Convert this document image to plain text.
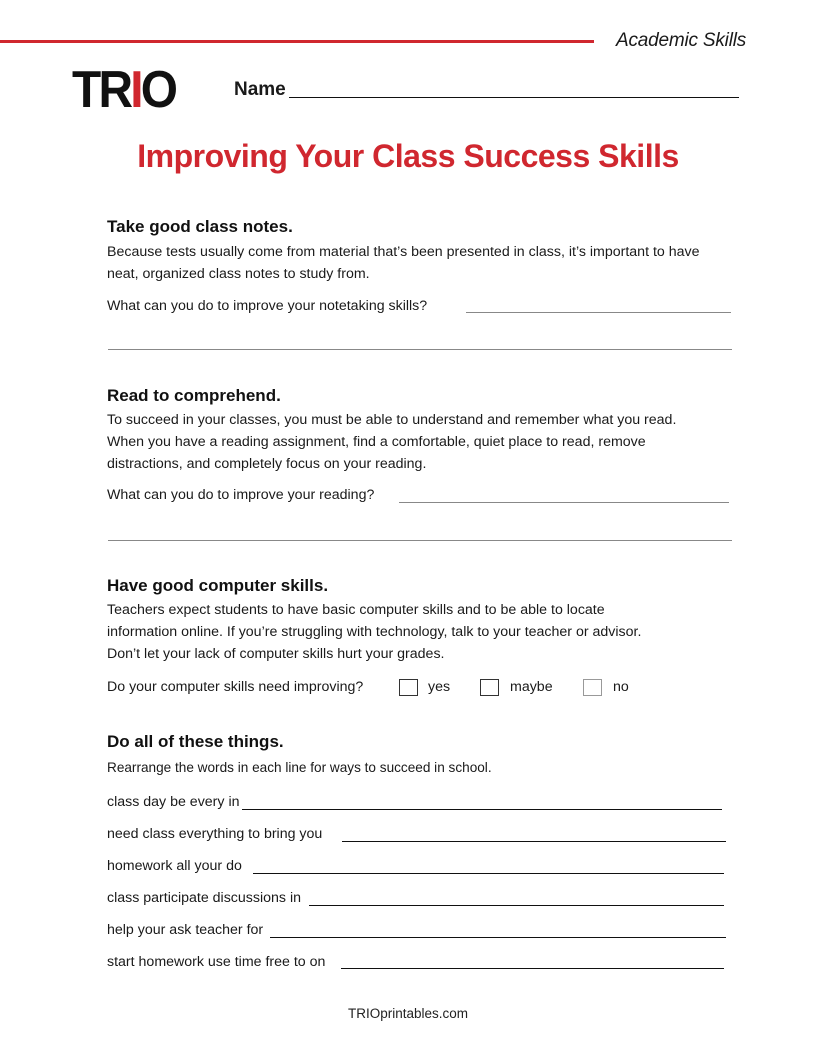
Academic Skills
TRIO	Name
Improving Your Class Success Skills
Take good class notes.
Because tests usually come from material that’s been presented in class, it’s important to have
neat, organized class notes to study from.
What can you do to improve your notetaking skills?
Read to comprehend.
To succeed in your classes, you must be able to understand and remember what you read.
When you have a reading assignment, find a comfortable, quiet place to read, remove
distractions, and completely focus on your reading.
What can you do to improve your reading?
Have good computer skills.
Teachers expect students to have basic computer skills and to be able to locate
information online. If you’re struggling with technology, talk to your teacher or advisor.
Don’t let your lack of computer skills hurt your grades.
Do your computer skills need improving?	yes	maybe	no
Do all of these things.
Rearrange the words in each line for ways to succeed in school.
class day be every in
need class everything to bring you
homework all your do
class participate discussions in
help your ask teacher for
start homework use time free to on
TRIOprintables.com
